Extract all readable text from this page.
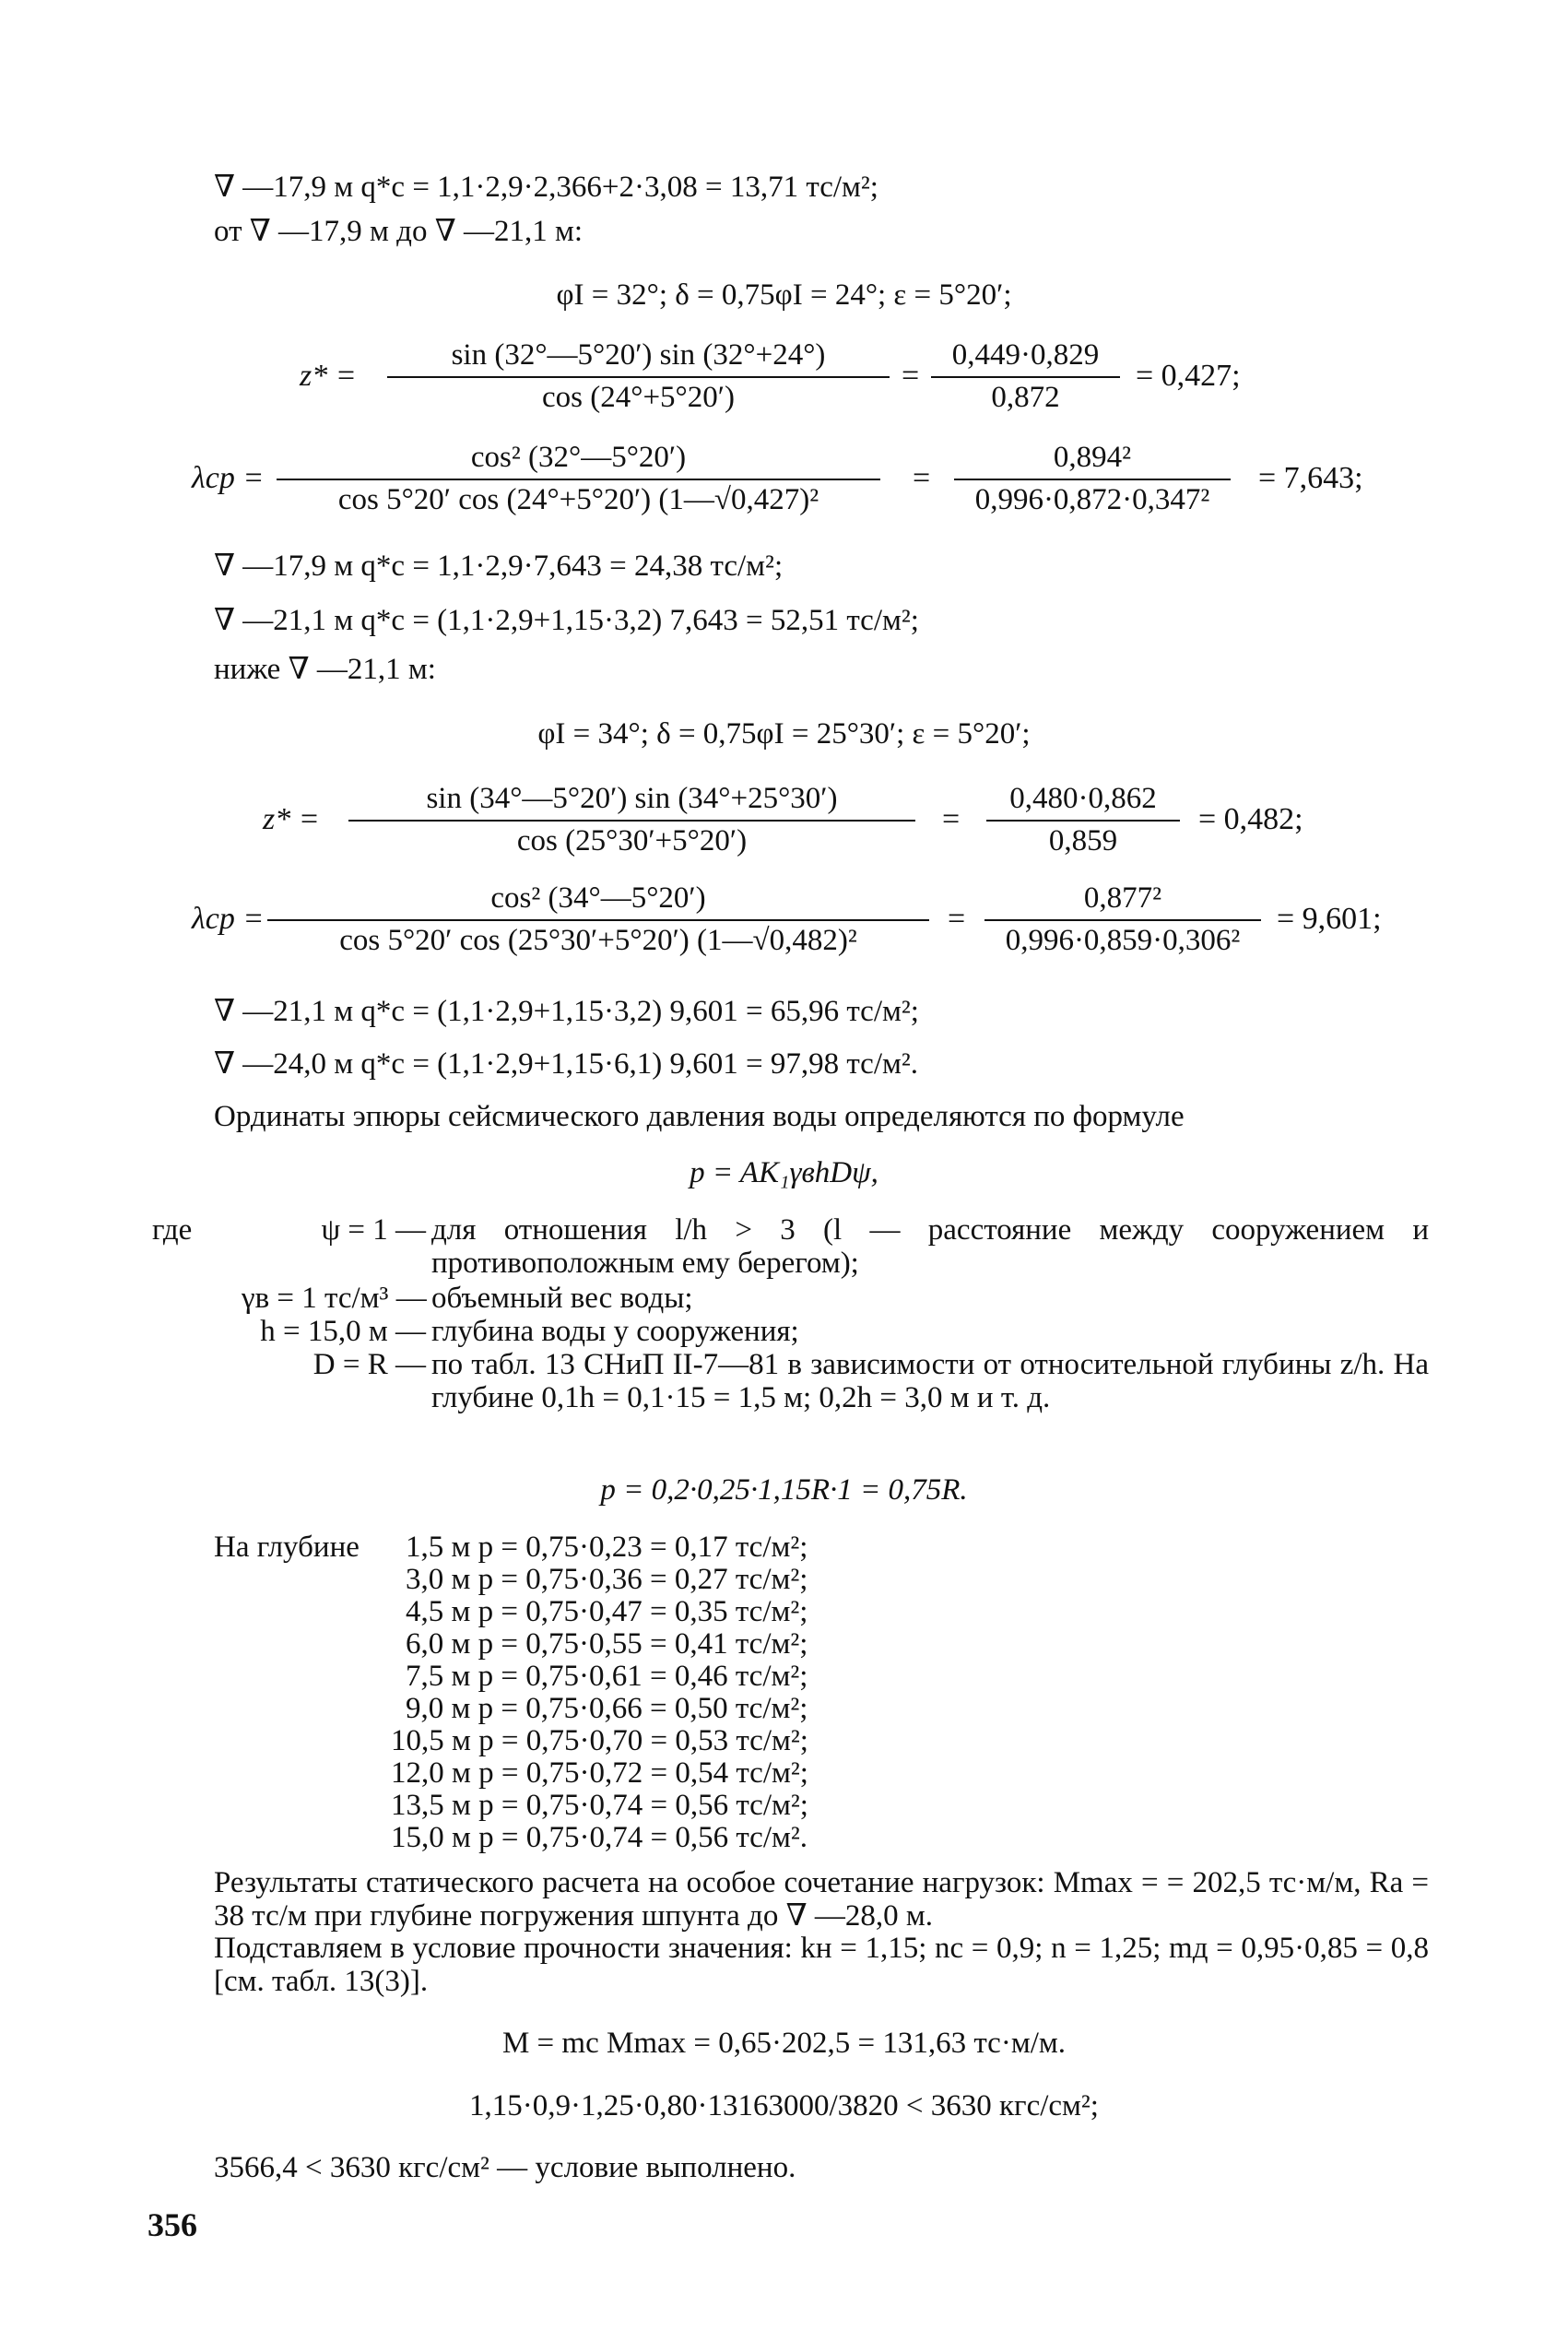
∇ —17,9 м q*c = 1,1·2,9·2,366+2·3,08 = 13,71 тс/м²;
от ∇ —17,9 м до ∇ —21,1 м:
φI = 32°; δ = 0,75φI = 24°; ε = 5°20′;
z* =
sin (32°—5°20′) sin (32°+24°)
cos (24°+5°20′)
=
0,449·0,829
0,872
= 0,427;
λср =
cos² (32°—5°20′)
cos 5°20′ cos (24°+5°20′) (1—√0,427)²
=
0,894²
0,996·0,872·0,347²
= 7,643;
∇ —17,9 м q*c = 1,1·2,9·7,643 = 24,38 тс/м²;
∇ —21,1 м q*c = (1,1·2,9+1,15·3,2) 7,643 = 52,51 тс/м²;
ниже ∇ —21,1 м:
φI = 34°; δ = 0,75φI = 25°30′; ε = 5°20′;
z* =
sin (34°—5°20′) sin (34°+25°30′)
cos (25°30′+5°20′)
=
0,480·0,862
0,859
= 0,482;
λср =
cos² (34°—5°20′)
cos 5°20′ cos (25°30′+5°20′) (1—√0,482)²
=
0,877²
0,996·0,859·0,306²
= 9,601;
∇ —21,1 м q*c = (1,1·2,9+1,15·3,2) 9,601 = 65,96 тс/м²;
∇ —24,0 м q*c = (1,1·2,9+1,15·6,1) 9,601 = 97,98 тс/м².
Ординаты эпюры сейсмического давления воды определяются по формуле
p = AK₁γвhDψ,
где	ψ = 1 — для отношения l/h > 3 (l — расстояние между сооружением и противоположным ему берегом);
γв = 1 тс/м³ — объемный вес воды;
h = 15,0 м — глубина воды у сооружения;
D = R — по табл. 13 СНиП II-7—81 в зависимости от относительной глубины z/h. На глубине 0,1h = 0,1·15 = 1,5 м; 0,2h = 3,0 м и т. д.
p = 0,2·0,25·1,15R·1 = 0,75R.
На глубине 1,5 м p = 0,75·0,23 = 0,17 тс/м²;
3,0 м p = 0,75·0,36 = 0,27 тс/м²;
4,5 м p = 0,75·0,47 = 0,35 тс/м²;
6,0 м p = 0,75·0,55 = 0,41 тс/м²;
7,5 м p = 0,75·0,61 = 0,46 тс/м²;
9,0 м p = 0,75·0,66 = 0,50 тс/м²;
10,5 м p = 0,75·0,70 = 0,53 тс/м²;
12,0 м p = 0,75·0,72 = 0,54 тс/м²;
13,5 м p = 0,75·0,74 = 0,56 тс/м²;
15,0 м p = 0,75·0,74 = 0,56 тс/м².
Результаты статического расчета на особое сочетание нагрузок: Mmax = = 202,5 тс·м/м, Rа = 38 тс/м при глубине погружения шпунта до ∇ —28,0 м.
Подставляем в условие прочности значения: kн = 1,15; nс = 0,9; n = 1,25; mд = 0,95·0,85 = 0,8 [см. табл. 13(3)].
M = mc Mmax = 0,65·202,5 = 131,63 тс·м/м.
1,15·0,9·1,25·0,80·13163000/3820 < 3630 кгс/см²;
3566,4 < 3630 кгс/см² — условие выполнено.
356
